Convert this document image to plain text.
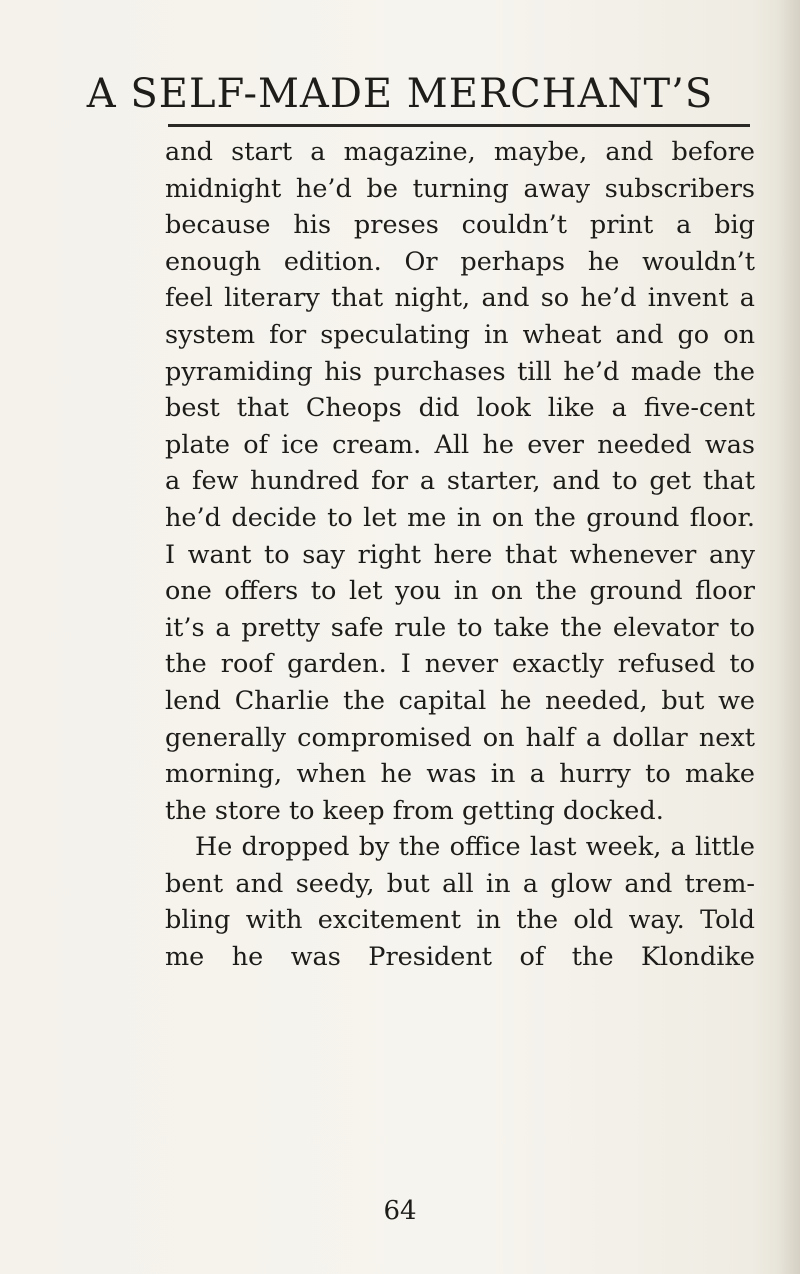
A SELF-MADE MERCHANT’S
and start a magazine, maybe, and before
midnight he’d be turning away subscribers
because his preses couldn’t print a big
enough edition. Or perhaps he wouldn’t
feel literary that night, and so he’d invent a
system for speculating in wheat and go on
pyramiding his purchases till he’d made the
best that Cheops did look like a five-cent
plate of ice cream. All he ever needed was
a few hundred for a starter, and to get that
he’d decide to let me in on the ground floor.
I want to say right here that whenever any
one offers to let you in on the ground floor
it’s a pretty safe rule to take the elevator to
the roof garden. I never exactly refused to
lend Charlie the capital he needed, but we
generally compromised on half a dollar next
morning, when he was in a hurry to make
the store to keep from getting docked.
He dropped by the office last week, a little
bent and seedy, but all in a glow and trem-
bling with excitement in the old way. Told
me he was President of the Klondike
64
